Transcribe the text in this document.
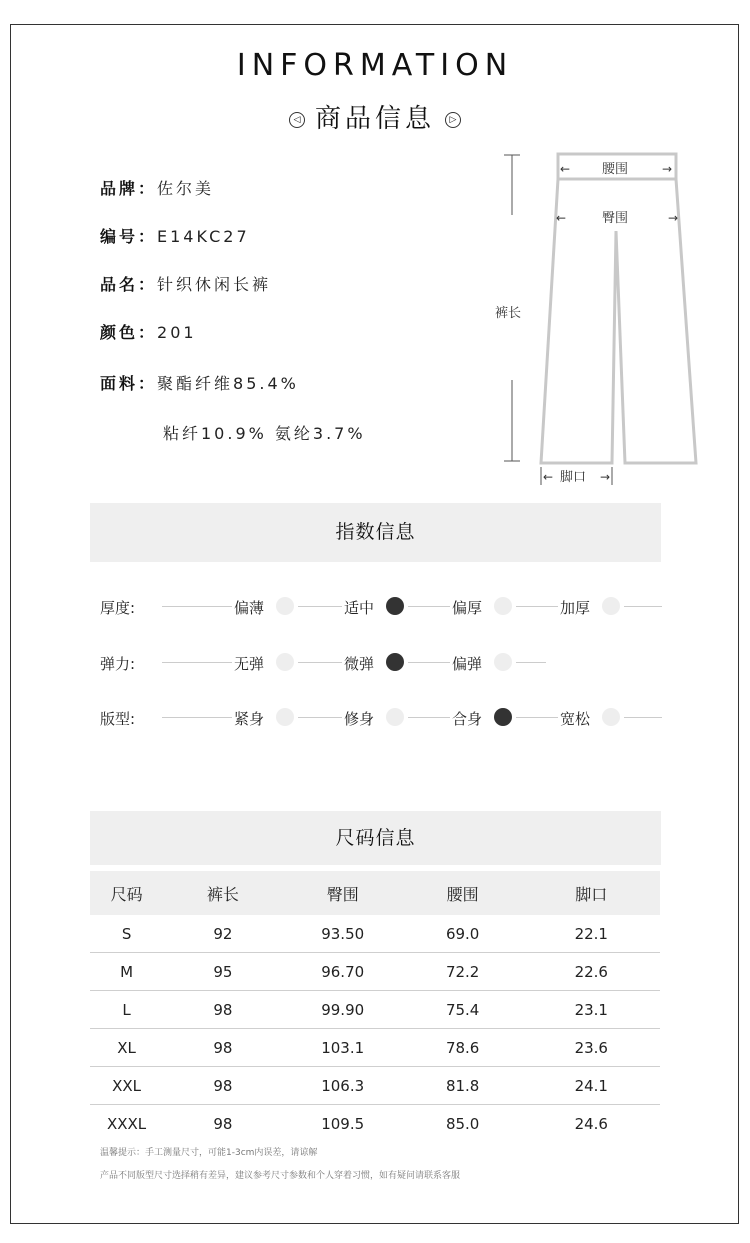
INFORMATION
◁ 商品信息 ▷
品牌：佐尔美
编号：E14KC27
品名：针织休闲长裤
颜色：201
面料：聚酯纤维85.4%
粘纤10.9% 氨纶3.7%
裤长
← 腰围	→
←	臀围	→
← 脚口 →
指数信息
厚度:	偏薄	适中	偏厚	加厚
弹力:	无弹	微弹	偏弹
版型:	紧身	修身	合身	宽松
尺码信息
尺码	裤长	臀围	腰围	脚口
S	92	93.50	69.0	22.1
M	95	96.70	72.2	22.6
L	98	99.90	75.4	23.1
XL	98	103.1	78.6	23.6
XXL	98	106.3	81.8	24.1
XXXL	98	109.5	85.0	24.6
温馨提示：手工测量尺寸，可能1-3cm内误差，请谅解
产品不同版型尺寸选择稍有差异，建议参考尺寸参数和个人穿着习惯，如有疑问请联系客服
